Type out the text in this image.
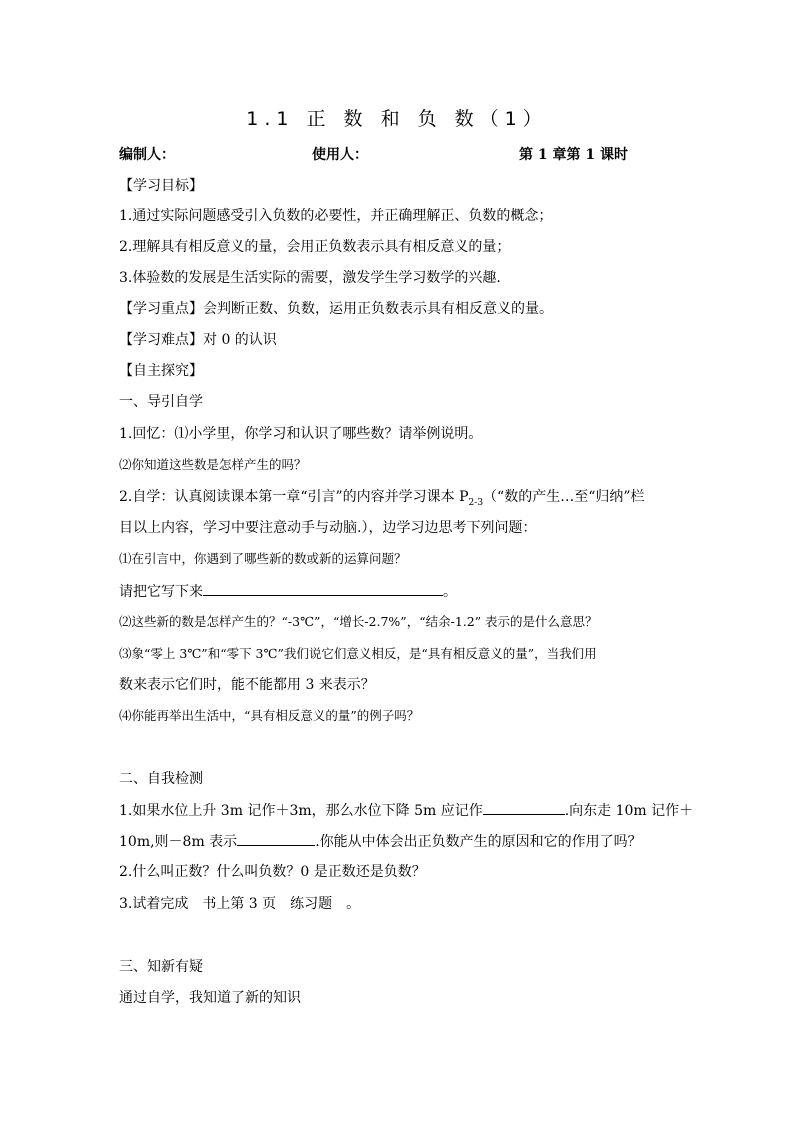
1.1 正 数 和 负 数（1）
编制人：	使用人：	第 1 章第 1 课时
【学习目标】
1.通过实际问题感受引入负数的必要性，并正确理解正、负数的概念；
2.理解具有相反意义的量，会用正负数表示具有相反意义的量；
3.体验数的发展是生活实际的需要，激发学生学习数学的兴趣.
【学习重点】会判断正数、负数，运用正负数表示具有相反意义的量。
【学习难点】对 0 的认识
【自主探究】
一、导引自学
1.回忆：⑴小学里，你学习和认识了哪些数？请举例说明。
⑵你知道这些数是怎样产生的吗？
2.自学：认真阅读课本第一章“引言”的内容并学习课本 $P_{2-3}(“$数的产生…至“归纳”栏
目以上内容，学习中要注意动手与动脑.），边学习边思考下列问题：
⑴在引言中，你遇到了哪些新的数或新的运算问题？
请把它写下来	。
⑵这些新的数是怎样产生的？“-3℃”，“增长-2.7%”，“结余-1.2” 表示的是什么意思？
⑶象“零上 3℃”和“零下 3℃”我们说它们意义相反，是“具有相反意义的量”，当我们用
数来表示它们时，能不能都用 3 来表示？
⑷你能再举出生活中，“具有相反意义的量”的例子吗？
二、自我检测
1.如果水位上升 3m 记作＋3m，那么水位下降 5m 应记作	.向东走 10m 记作＋
10m,则－8m 表示	.你能从中体会出正负数产生的原因和它的作用了吗？
2.什么叫正数？什么叫负数？0 是正数还是负数？
3.试着完成　书上第 3 页　练习题　。
三、知新有疑
通过自学，我知道了新的知识
